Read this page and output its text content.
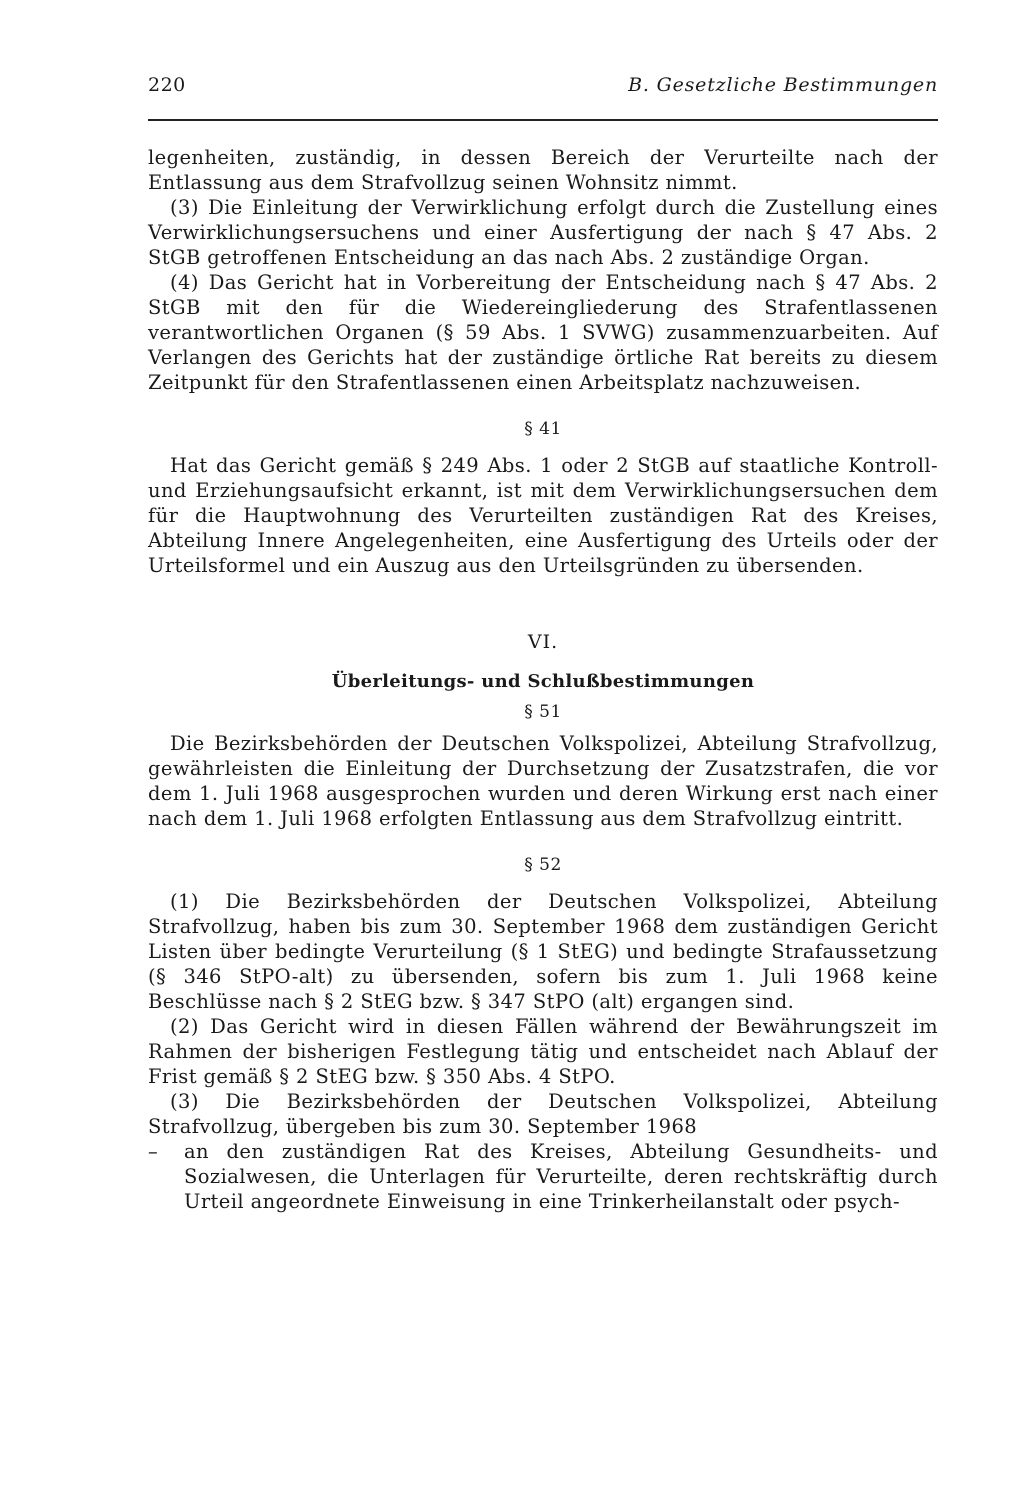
220	B. Gesetzliche Bestimmungen

legenheiten, zuständig, in dessen Bereich der Verurteilte nach der Entlassung aus dem Strafvollzug seinen Wohnsitz nimmt.

(3) Die Einleitung der Verwirklichung erfolgt durch die Zustellung eines Verwirklichungsersuchens und einer Ausfertigung der nach § 47 Abs. 2 StGB getroffenen Entscheidung an das nach Abs. 2 zuständige Organ.

(4) Das Gericht hat in Vorbereitung der Entscheidung nach § 47 Abs. 2 StGB mit den für die Wiedereingliederung des Strafentlassenen verantwortlichen Organen (§ 59 Abs. 1 SVWG) zusammenzuarbeiten. Auf Verlangen des Gerichts hat der zuständige örtliche Rat bereits zu diesem Zeitpunkt für den Strafentlassenen einen Arbeitsplatz nachzuweisen.

§ 41

Hat das Gericht gemäß § 249 Abs. 1 oder 2 StGB auf staatliche Kontroll- und Erziehungsaufsicht erkannt, ist mit dem Verwirklichungsersuchen dem für die Hauptwohnung des Verurteilten zuständigen Rat des Kreises, Abteilung Innere Angelegenheiten, eine Ausfertigung des Urteils oder der Urteilsformel und ein Auszug aus den Urteilsgründen zu übersenden.

VI.

Überleitungs- und Schlußbestimmungen

§ 51

Die Bezirksbehörden der Deutschen Volkspolizei, Abteilung Strafvollzug, gewährleisten die Einleitung der Durchsetzung der Zusatzstrafen, die vor dem 1. Juli 1968 ausgesprochen wurden und deren Wirkung erst nach einer nach dem 1. Juli 1968 erfolgten Entlassung aus dem Strafvollzug eintritt.

§ 52

(1) Die Bezirksbehörden der Deutschen Volkspolizei, Abteilung Strafvollzug, haben bis zum 30. September 1968 dem zuständigen Gericht Listen über bedingte Verurteilung (§ 1 StEG) und bedingte Strafaussetzung (§ 346 StPO-alt) zu übersenden, sofern bis zum 1. Juli 1968 keine Beschlüsse nach § 2 StEG bzw. § 347 StPO (alt) ergangen sind.

(2) Das Gericht wird in diesen Fällen während der Bewährungszeit im Rahmen der bisherigen Festlegung tätig und entscheidet nach Ablauf der Frist gemäß § 2 StEG bzw. § 350 Abs. 4 StPO.

(3) Die Bezirksbehörden der Deutschen Volkspolizei, Abteilung Strafvollzug, übergeben bis zum 30. September 1968

–	an den zuständigen Rat des Kreises, Abteilung Gesundheits- und Sozialwesen, die Unterlagen für Verurteilte, deren rechtskräftig durch Urteil angeordnete Einweisung in eine Trinkerheilanstalt oder psych-
